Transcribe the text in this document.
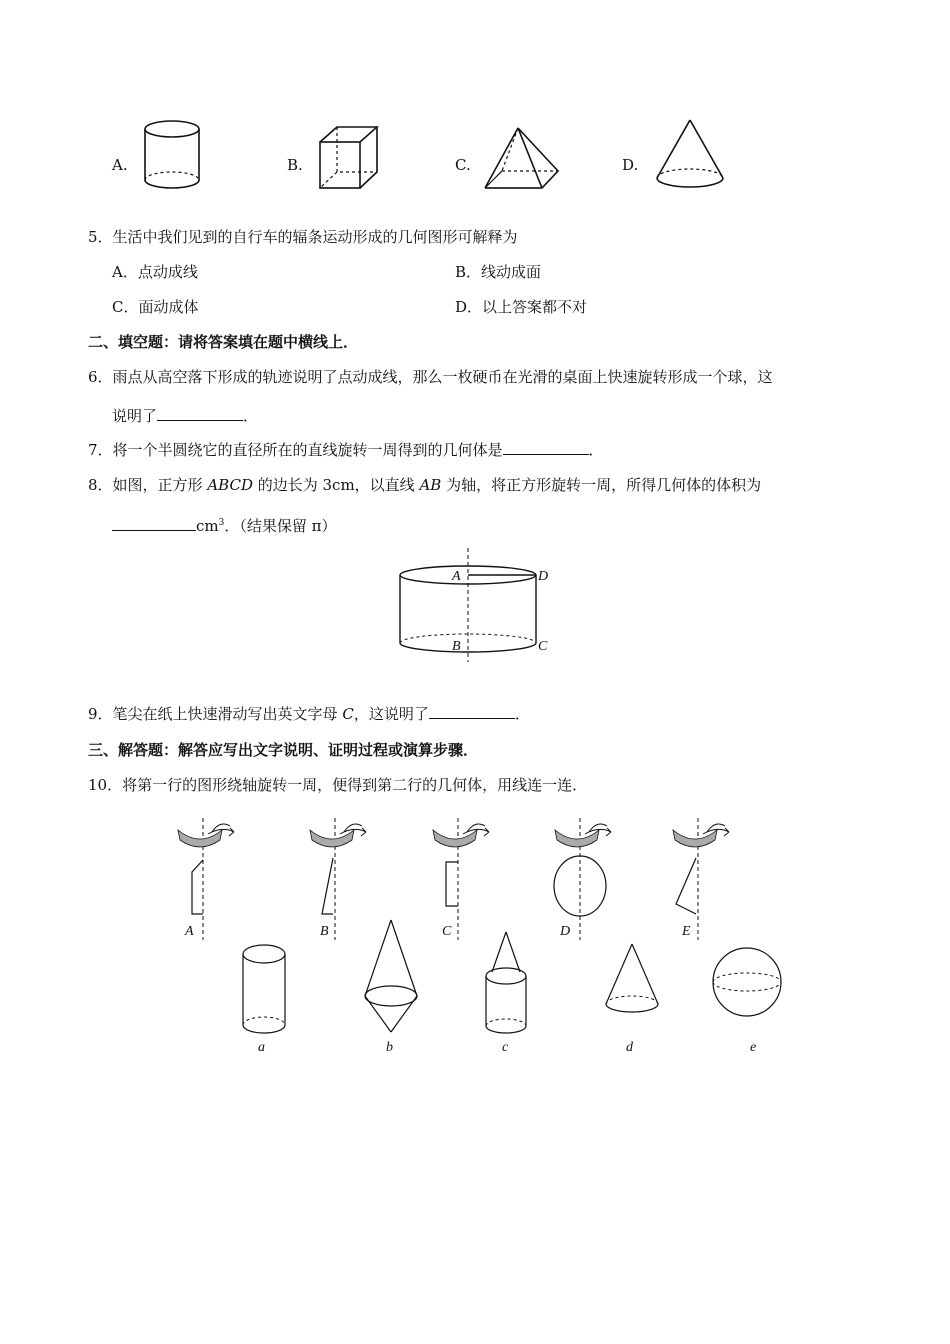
A.	B.	C.	D.
5．生活中我们见到的自行车的辐条运动形成的几何图形可解释为
A．点动成线	B．线动成面
C．面动成体	D．以上答案都不对
二、填空题：请将答案填在题中横线上．
6．雨点从高空落下形成的轨迹说明了点动成线，那么一枚硬币在光滑的桌面上快速旋转形成一个球，这
说明了	．
7．将一个半圆绕它的直径所在的直线旋转一周得到的几何体是	．
8．如图，正方形 ABCD 的边长为 3cm，以直线 AB 为轴，将正方形旋转一周，所得几何体的体积为
$cm^3$．（结果保留 π）
A	D
B	C
9．笔尖在纸上快速滑动写出英文字母 C，这说明了	．
三、解答题：解答应写出文字说明、证明过程或演算步骤．
10．将第一行的图形绕轴旋转一周，便得到第二行的几何体，用线连一连．
A	B	C	D	E
a	b	c	d	e
